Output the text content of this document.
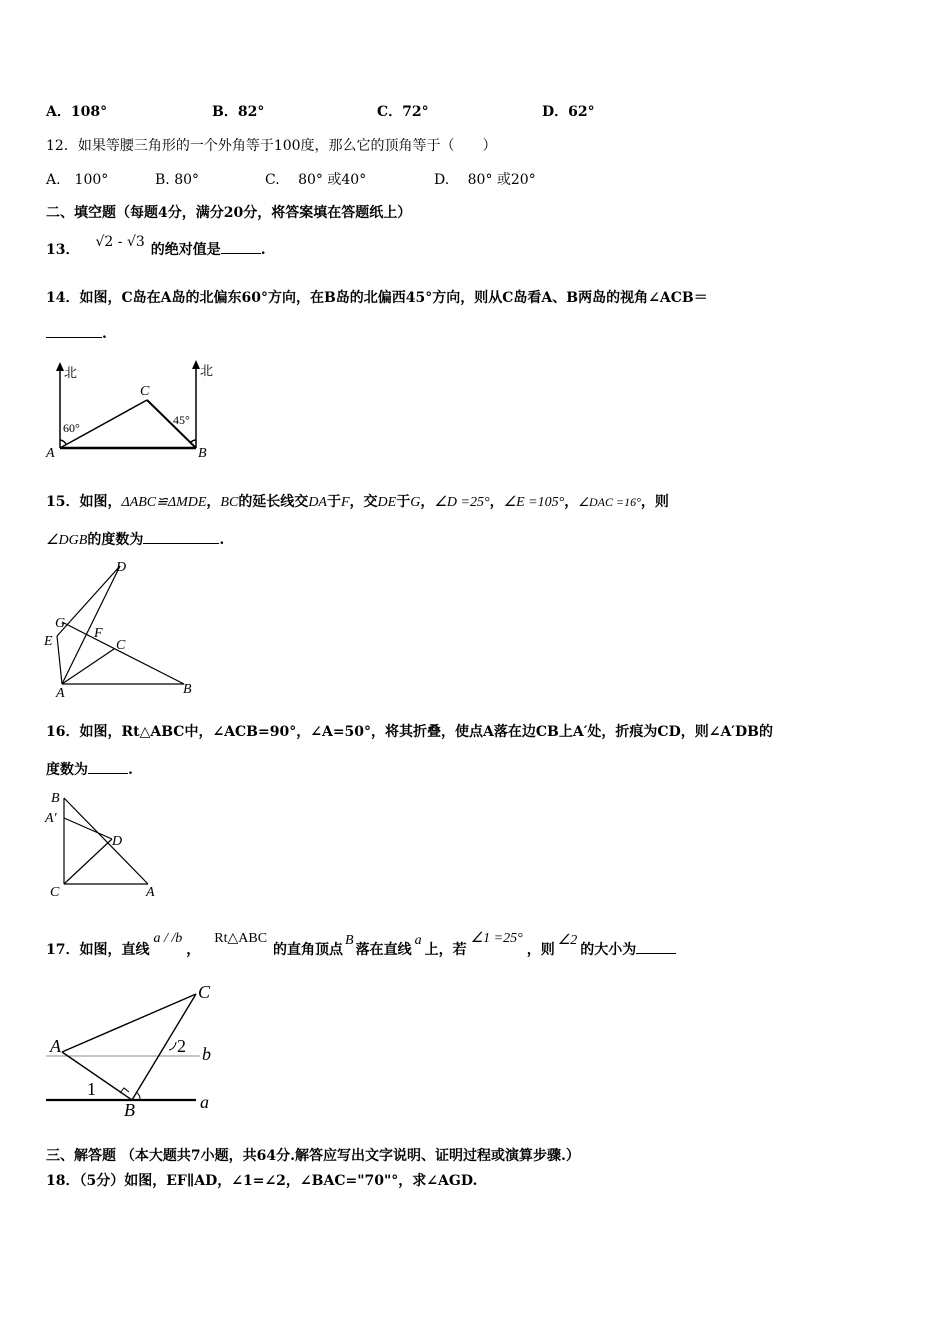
A．108°	B．82°	C．72°	D．62°
12．如果等腰三角形的一个外角等于100度，那么它的顶角等于（　　）
A.　100°	B. 80°	C.　 80° 或40°	D.　 80° 或20°
二、填空题（每题4分，满分20分，将答案填在答题纸上）
13． √2 - √3 的绝对值是	.
14．如图，C岛在A岛的北偏东60°方向，在B岛的北偏西45°方向，则从C岛看A、B两岛的视角∠ACB＝
.
北	北
60°
45°
A	B
C
15．如图，ΔABC≌ΔMDE，BC的延长线交DA于F，交DE于G，∠D =25°，∠E =105°，∠DAC =16°，则
∠DGB的度数为	.
D
G
E
F
C
A	B
16．如图，Rt△ABC中，∠ACB=90°，∠A=50°，将其折叠，使点A落在边CB上A′处，折痕为CD，则∠A′DB的
度数为	.
B
A′
D
C	A
17．如图，直线a / /b，Rt△ABC的直角顶点B落在直线a上，若∠1 =25°，则∠2的大小为
C
A	b
a
1
2
B
三、解答题 （本大题共7小题，共64分.解答应写出文字说明、证明过程或演算步骤.）
18．（5分）如图，EF∥AD，∠1=∠2，∠BAC="70"°，求∠AGD.
